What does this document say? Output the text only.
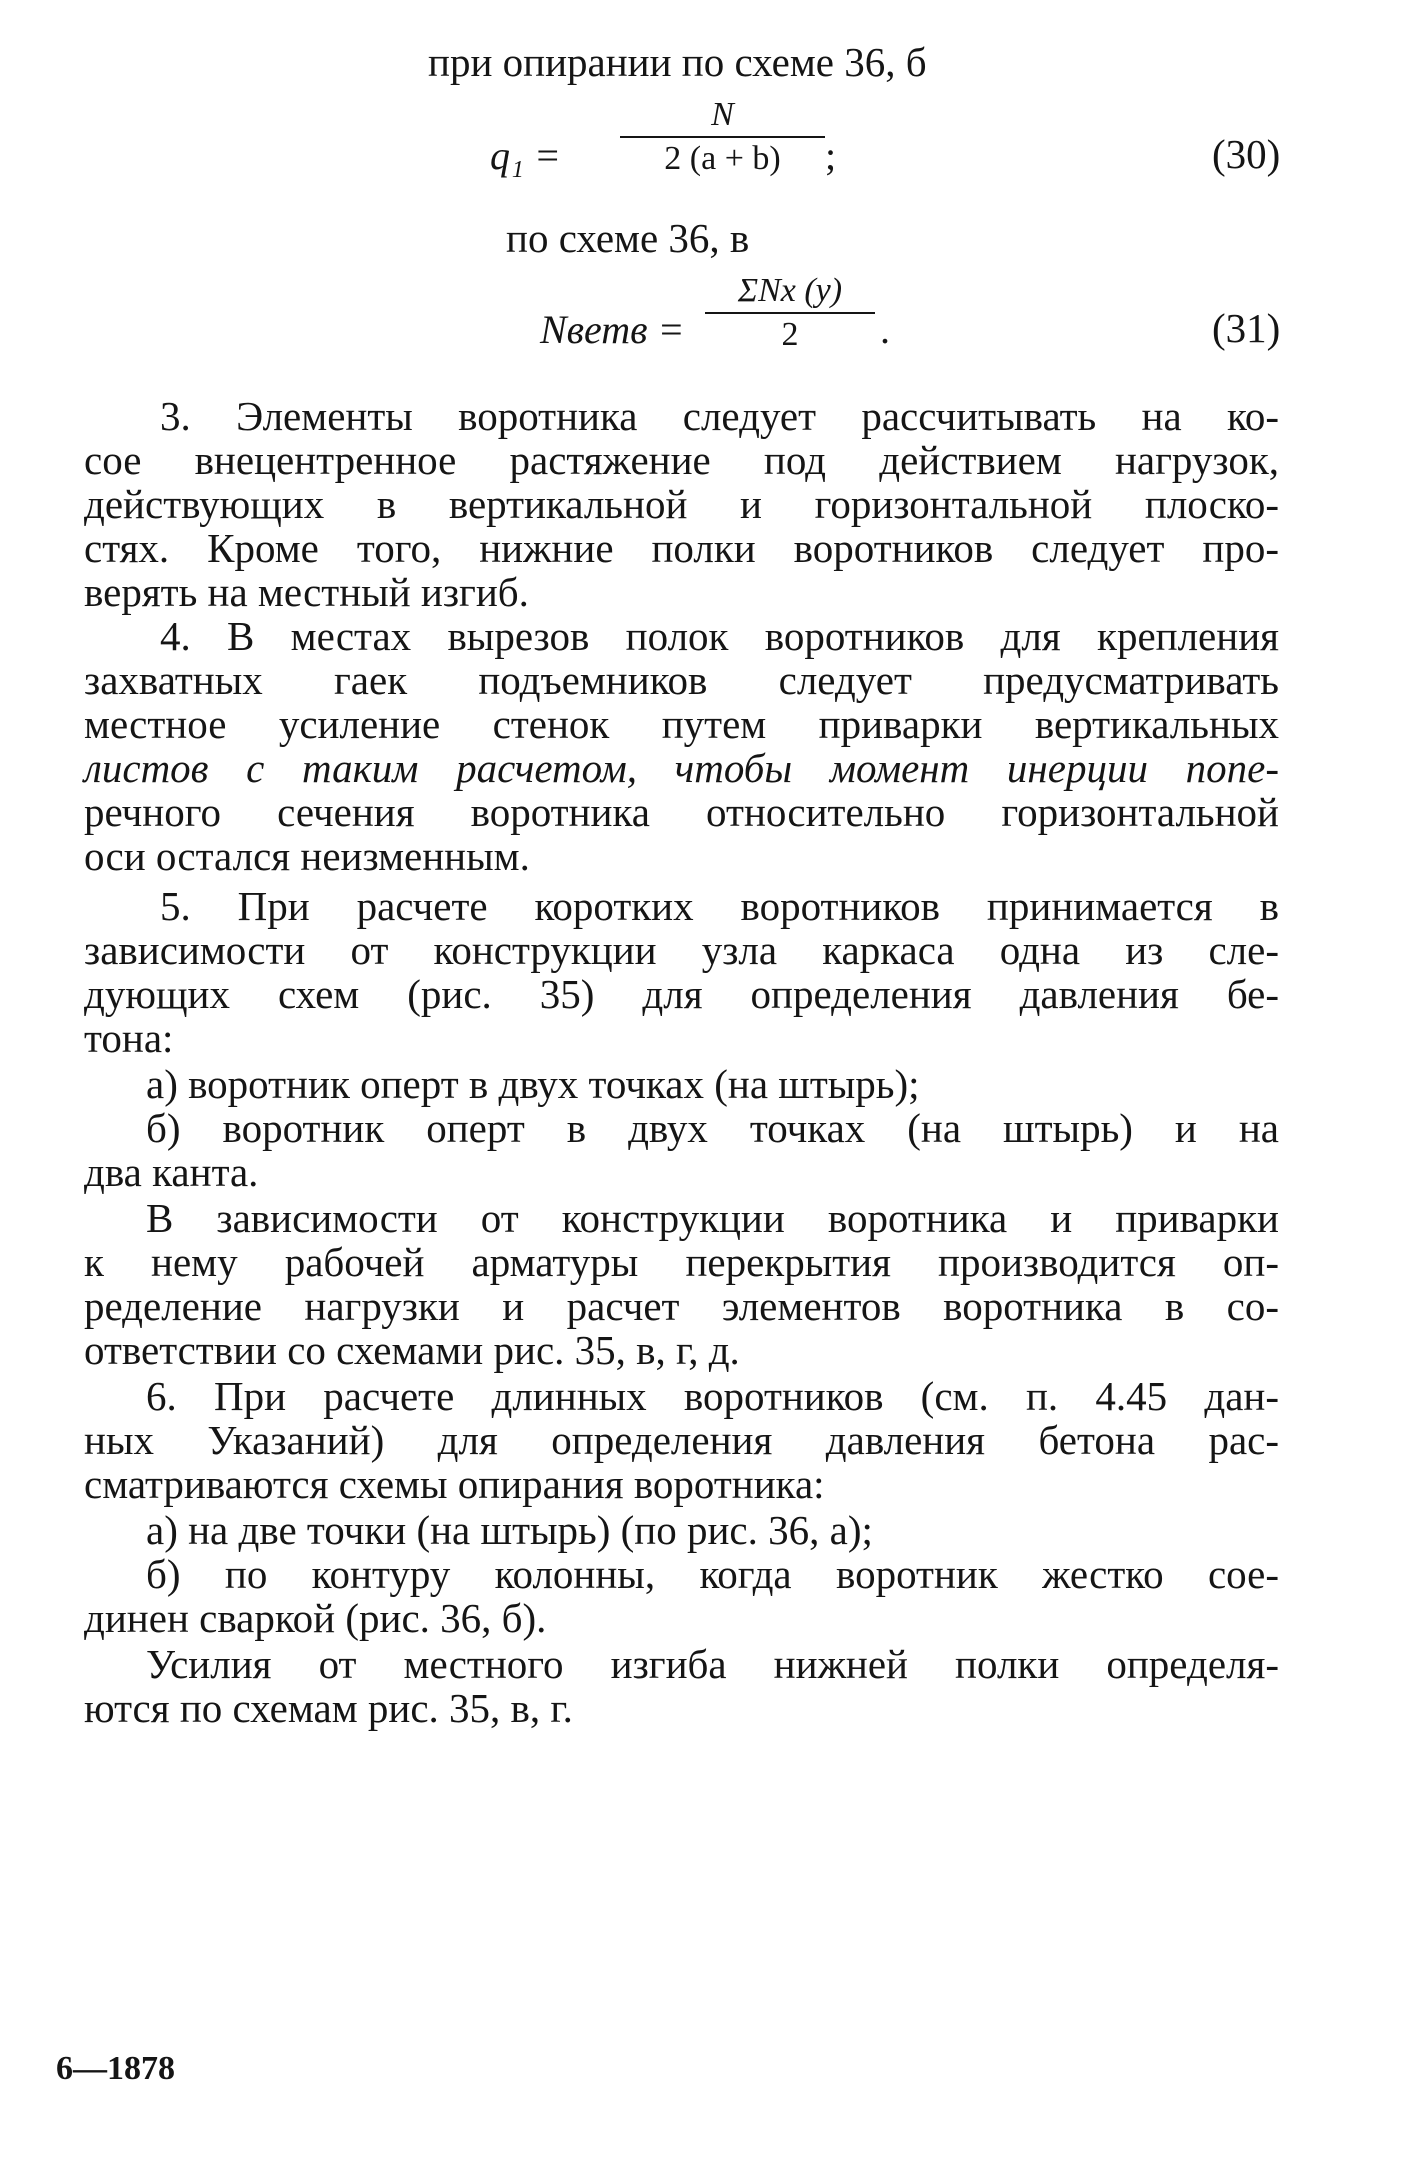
при опирании по схеме 36, б
q₁ =
N
2 (a + b)	;	(30)
по схеме 36, в
Nветв =
ΣNx (y)
2	.	(31)
3. Элементы воротника следует рассчитывать на ко-
сое внецентренное растяжение под действием нагрузок,
действующих в вертикальной и горизонтальной плоско-
стях. Кроме того, нижние полки воротников следует про-
верять на местный изгиб.
4. В местах вырезов полок воротников для крепления
захватных гаек подъемников следует предусматривать
местное усиление стенок путем приварки вертикальных
листов с таким расчетом, чтобы момент инерции попе-
речного сечения воротника относительно горизонтальной
оси остался неизменным.
5. При расчете коротких воротников принимается в
зависимости от конструкции узла каркаса одна из сле-
дующих схем (рис. 35) для определения давления бе-
тона:
а) воротник оперт в двух точках (на штырь);
б) воротник оперт в двух точках (на штырь) и на
два канта.
В зависимости от конструкции воротника и приварки
к нему рабочей арматуры перекрытия производится оп-
ределение нагрузки и расчет элементов воротника в со-
ответствии со схемами рис. 35, в, г, д.
6. При расчете длинных воротников (см. п. 4.45 дан-
ных Указаний) для определения давления бетона рас-
сматриваются схемы опирания воротника:
а) на две точки (на штырь) (по рис. 36, а);
б) по контуру колонны, когда воротник жестко сое-
динен сваркой (рис. 36, б).
Усилия от местного изгиба нижней полки определя-
ются по схемам рис. 35, в, г.
6—1878
